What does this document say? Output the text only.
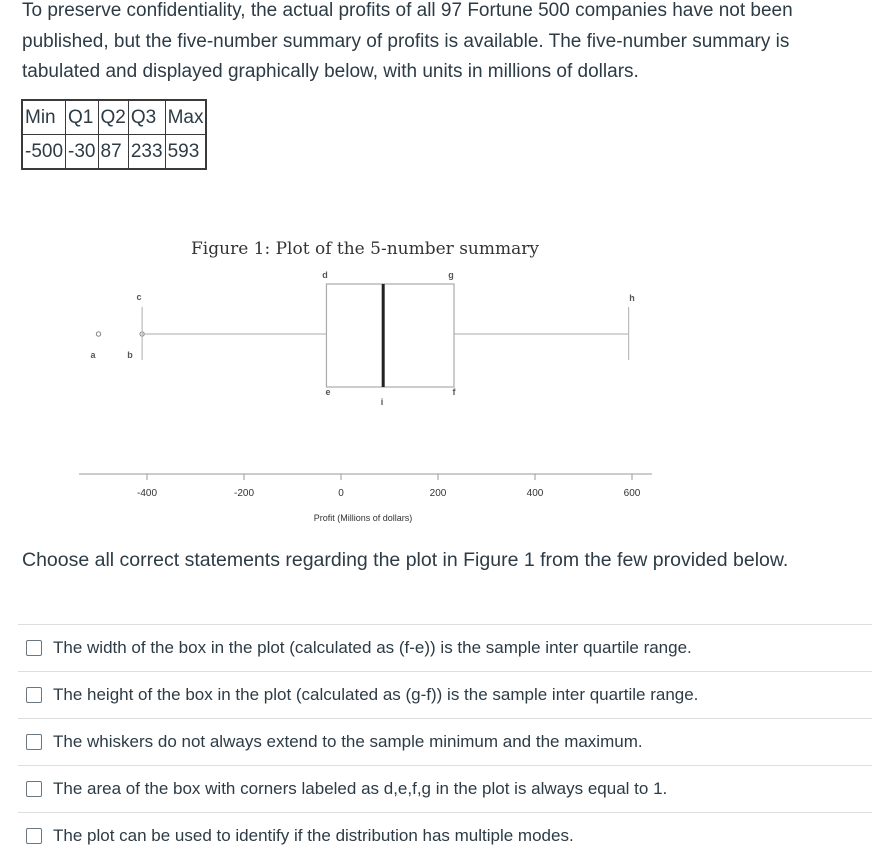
To preserve confidentiality, the actual profits of all 97 Fortune 500 companies have not been published, but the five-number summary of profits is available. The five-number summary is tabulated and displayed graphically below, with units in millions of dollars.
Min	Q1	Q2	Q3	Max
-500	-30	87	233	593
Figure 1: Plot of the 5-number summary
a	b
c
d
e	f
g
h
i
-400	-200	0	200	400	600
Profit (Millions of dollars)
Choose all correct statements regarding the plot in Figure 1 from the few provided below.
The width of the box in the plot (calculated as (f-e)) is the sample inter quartile range.
The height of the box in the plot (calculated as (g-f)) is the sample inter quartile range.
The whiskers do not always extend to the sample minimum and the maximum.
The area of the box with corners labeled as d,e,f,g in the plot is always equal to 1.
The plot can be used to identify if the distribution has multiple modes.
